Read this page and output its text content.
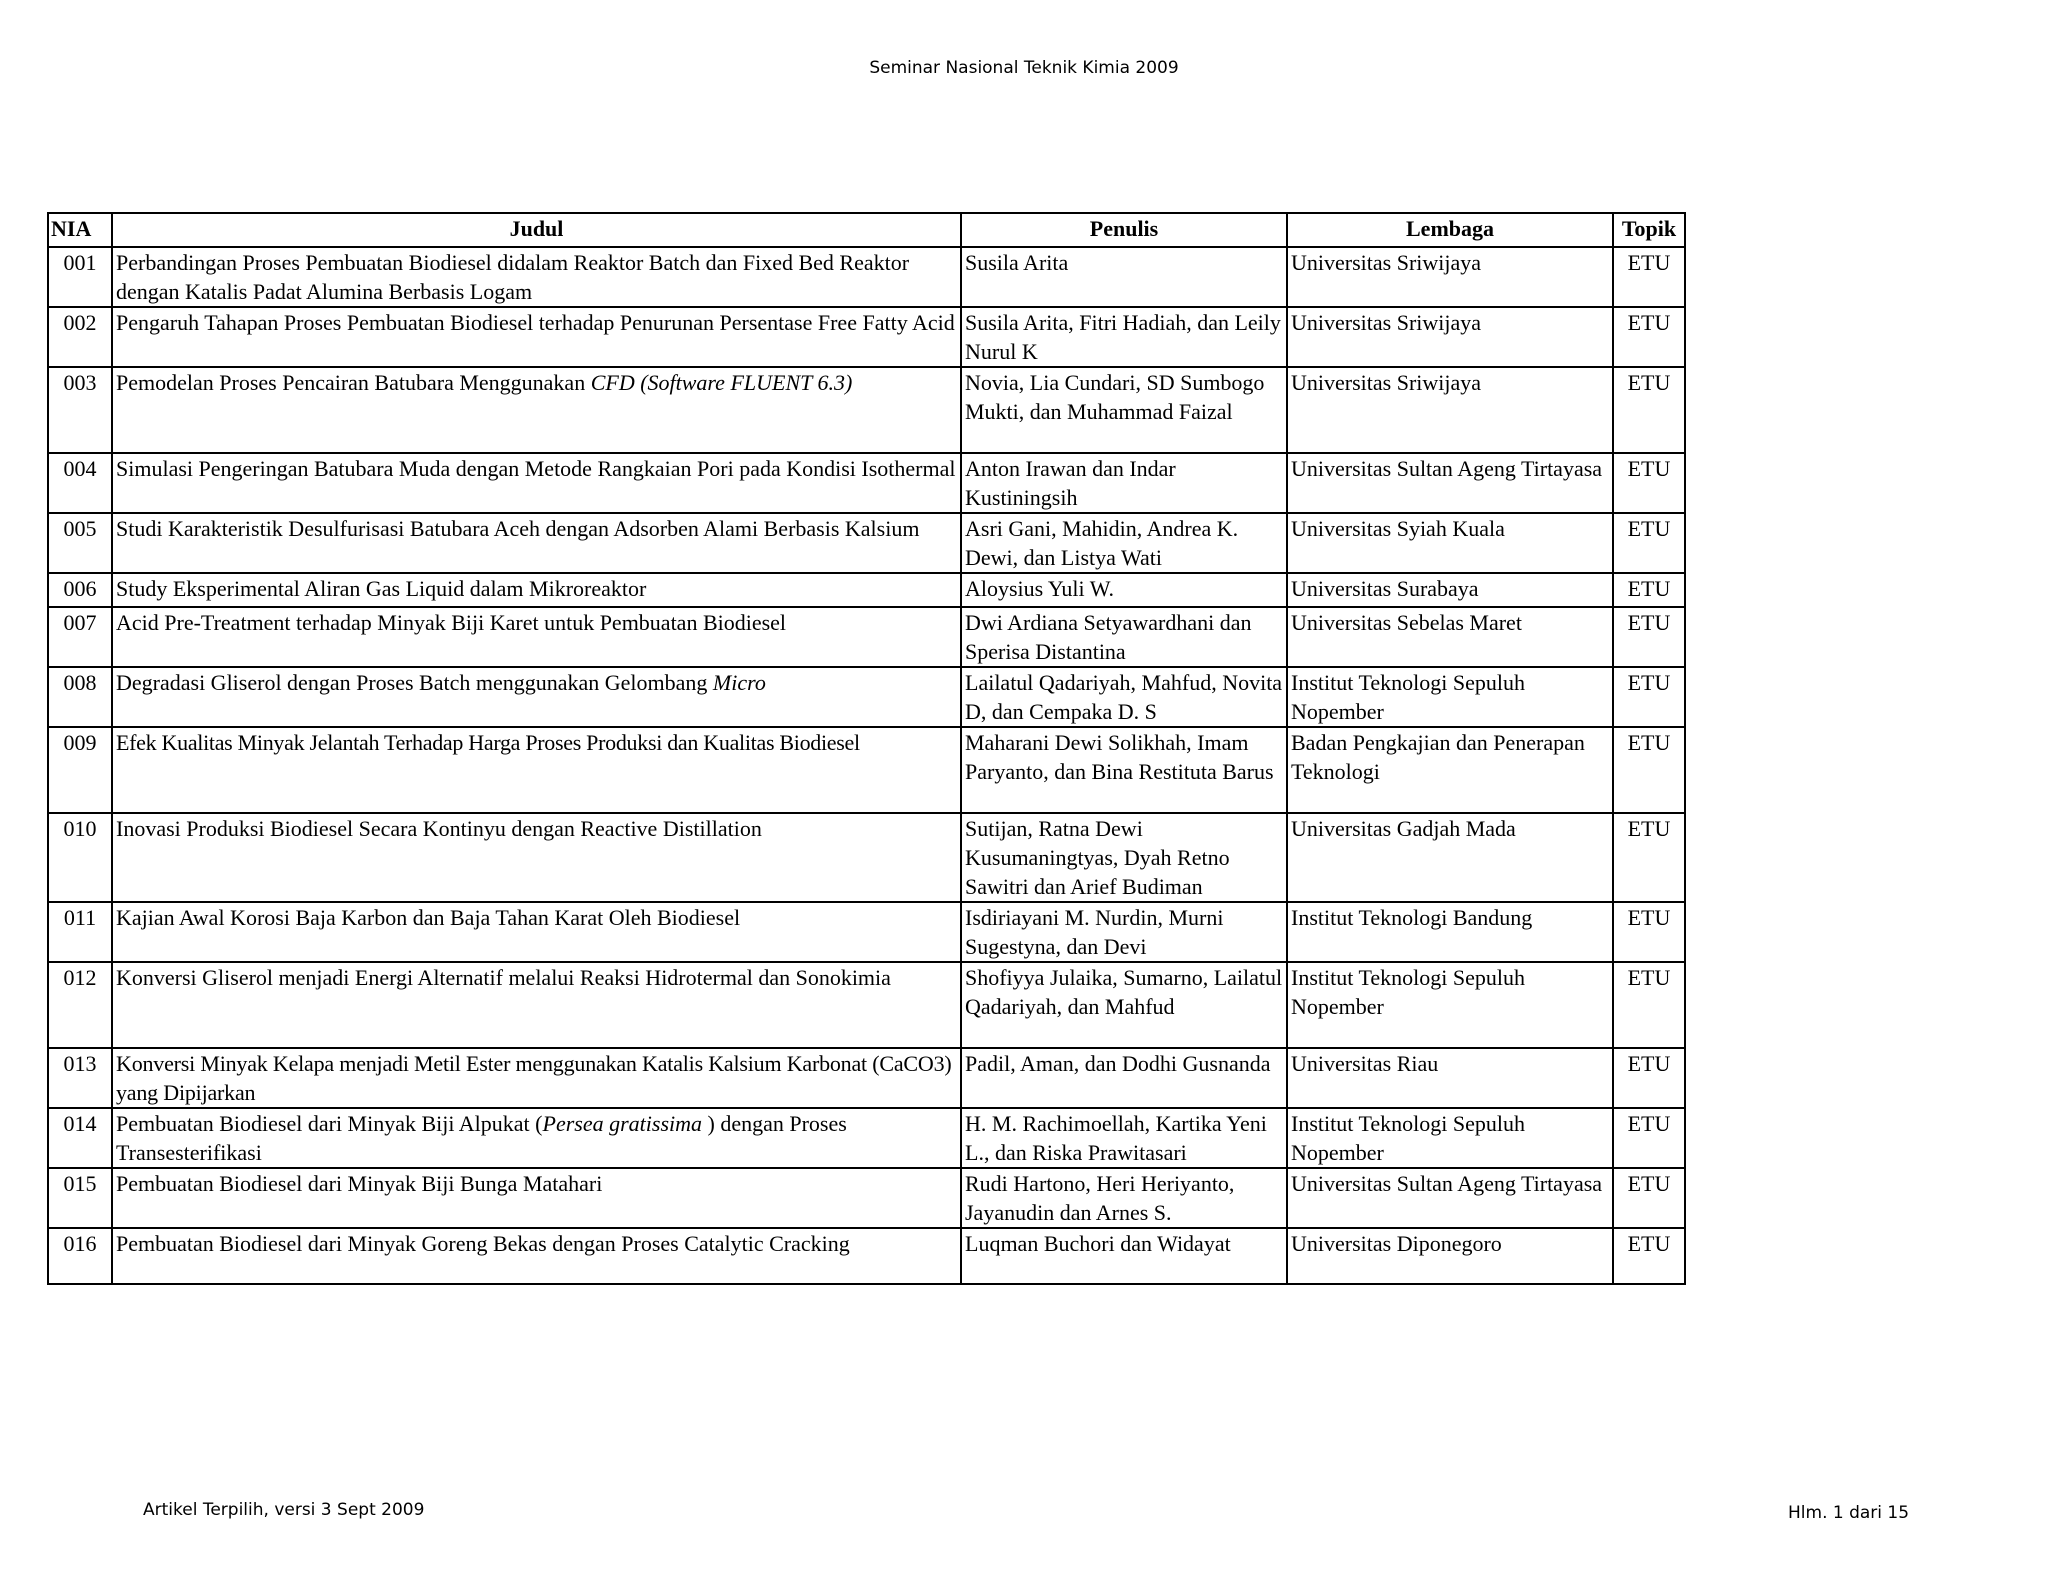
Seminar Nasional Teknik Kimia 2009
NIA	Judul	Penulis	Lembaga	Topik
001	Perbandingan Proses Pembuatan Biodiesel didalam Reaktor Batch dan Fixed Bed Reaktor dengan Katalis Padat Alumina Berbasis Logam	Susila Arita	Universitas Sriwijaya	ETU
002	Pengaruh Tahapan Proses Pembuatan Biodiesel terhadap Penurunan Persentase Free Fatty Acid	Susila Arita, Fitri Hadiah, dan Leily Nurul K	Universitas Sriwijaya	ETU
003	Pemodelan Proses Pencairan Batubara Menggunakan CFD (Software FLUENT 6.3)	Novia, Lia Cundari, SD Sumbogo Mukti, dan Muhammad Faizal	Universitas Sriwijaya	ETU
004	Simulasi Pengeringan Batubara Muda dengan Metode Rangkaian Pori pada Kondisi Isothermal	Anton Irawan dan Indar Kustiningsih	Universitas Sultan Ageng Tirtayasa	ETU
005	Studi Karakteristik Desulfurisasi Batubara Aceh dengan Adsorben Alami Berbasis Kalsium	Asri Gani, Mahidin, Andrea K. Dewi, dan Listya Wati	Universitas Syiah Kuala	ETU
006	Study Eksperimental Aliran Gas Liquid dalam Mikroreaktor	Aloysius Yuli W.	Universitas Surabaya	ETU
007	Acid Pre-Treatment terhadap Minyak Biji Karet untuk Pembuatan Biodiesel	Dwi Ardiana Setyawardhani dan Sperisa Distantina	Universitas Sebelas Maret	ETU
008	Degradasi Gliserol dengan Proses Batch menggunakan Gelombang Micro	Lailatul Qadariyah, Mahfud, Novita D, dan Cempaka D. S	Institut Teknologi Sepuluh Nopember	ETU
009	Efek Kualitas Minyak Jelantah Terhadap Harga Proses Produksi dan Kualitas Biodiesel	Maharani Dewi Solikhah, Imam Paryanto, dan Bina Restituta Barus	Badan Pengkajian dan Penerapan Teknologi	ETU
010	Inovasi Produksi Biodiesel Secara Kontinyu dengan Reactive Distillation	Sutijan, Ratna Dewi Kusumaningtyas, Dyah Retno Sawitri dan Arief Budiman	Universitas Gadjah Mada	ETU
011	Kajian Awal Korosi Baja Karbon dan Baja Tahan Karat Oleh Biodiesel	Isdiriayani M. Nurdin, Murni Sugestyna, dan Devi	Institut Teknologi Bandung	ETU
012	Konversi Gliserol menjadi Energi Alternatif melalui Reaksi Hidrotermal dan Sonokimia	Shofiyya Julaika, Sumarno, Lailatul Qadariyah, dan Mahfud	Institut Teknologi Sepuluh Nopember	ETU
013	Konversi Minyak Kelapa menjadi Metil Ester menggunakan Katalis Kalsium Karbonat (CaCO3) yang Dipijarkan	Padil, Aman, dan Dodhi Gusnanda	Universitas Riau	ETU
014	Pembuatan Biodiesel dari Minyak Biji Alpukat (Persea gratissima ) dengan Proses Transesterifikasi	H. M. Rachimoellah, Kartika Yeni L., dan Riska Prawitasari	Institut Teknologi Sepuluh Nopember	ETU
015	Pembuatan Biodiesel dari Minyak Biji Bunga Matahari	Rudi Hartono, Heri Heriyanto, Jayanudin dan Arnes S.	Universitas Sultan Ageng Tirtayasa	ETU
016	Pembuatan Biodiesel dari Minyak Goreng Bekas dengan Proses Catalytic Cracking	Luqman Buchori dan Widayat	Universitas Diponegoro	ETU
Artikel Terpilih, versi 3 Sept 2009	Hlm. 1 dari 15
